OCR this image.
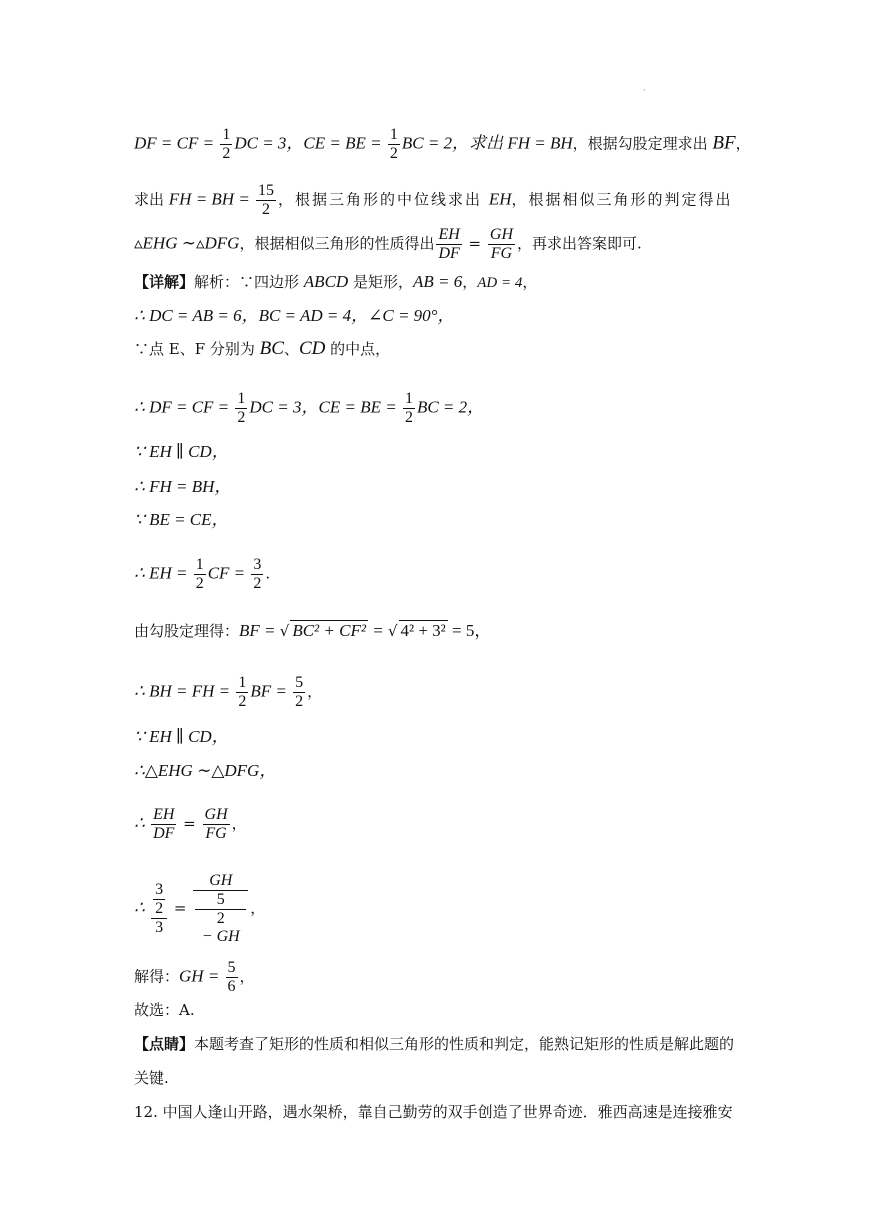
·
DF = CF = $\frac{1}{2}$ DC = 3，CE = BE = $\frac{1}{2}$ BC = 2，求出 FH = BH，根据勾股定理求出 BF，
求出 FH = BH = $\frac{15}{2}$ ，根据三角形的中位线求出 EH，根据相似三角形的判定得出
▵EHG ∼▵DFG，根据相似三角形的性质得出 $\frac{EH}{DF} = \frac{GH}{FG}$ ，再求出答案即可.
【详解】解析：∵四边形 ABCD 是矩形，AB = 6，AD = 4，
∴ DC = AB = 6，BC = AD = 4，∠C = 90°，
∵点 E、F 分别为 BC、CD 的中点，
∴ DF = CF = $\frac{1}{2}$ DC = 3，CE = BE = $\frac{1}{2}$ BC = 2，
∵ EH ∥ CD，
∴ FH = BH，
∵ BE = CE，
∴ EH = $\frac{1}{2}$ CF = $\frac{3}{2}$ .
由勾股定理得：BF = √ BC² + CF² = √ 4² + 3² = 5，
∴ BH = FH = $\frac{1}{2}$ BF = $\frac{5}{2}$ ，
∵ EH ∥ CD，
∴△EHG ∼△DFG，
∴ $\frac{EH}{DF} = \frac{GH}{FG}$ ，
∴ 3
2
3 = GH
5
2
− GH ，
解得：GH = $\frac{5}{6}$ ，
故选：A.
【点睛】本题考查了矩形的性质和相似三角形的性质和判定，能熟记矩形的性质是解此题的
关键.
12. 中国人逢山开路，遇水架桥，靠自己勤劳的双手创造了世界奇迹．雅西高速是连接雅安
